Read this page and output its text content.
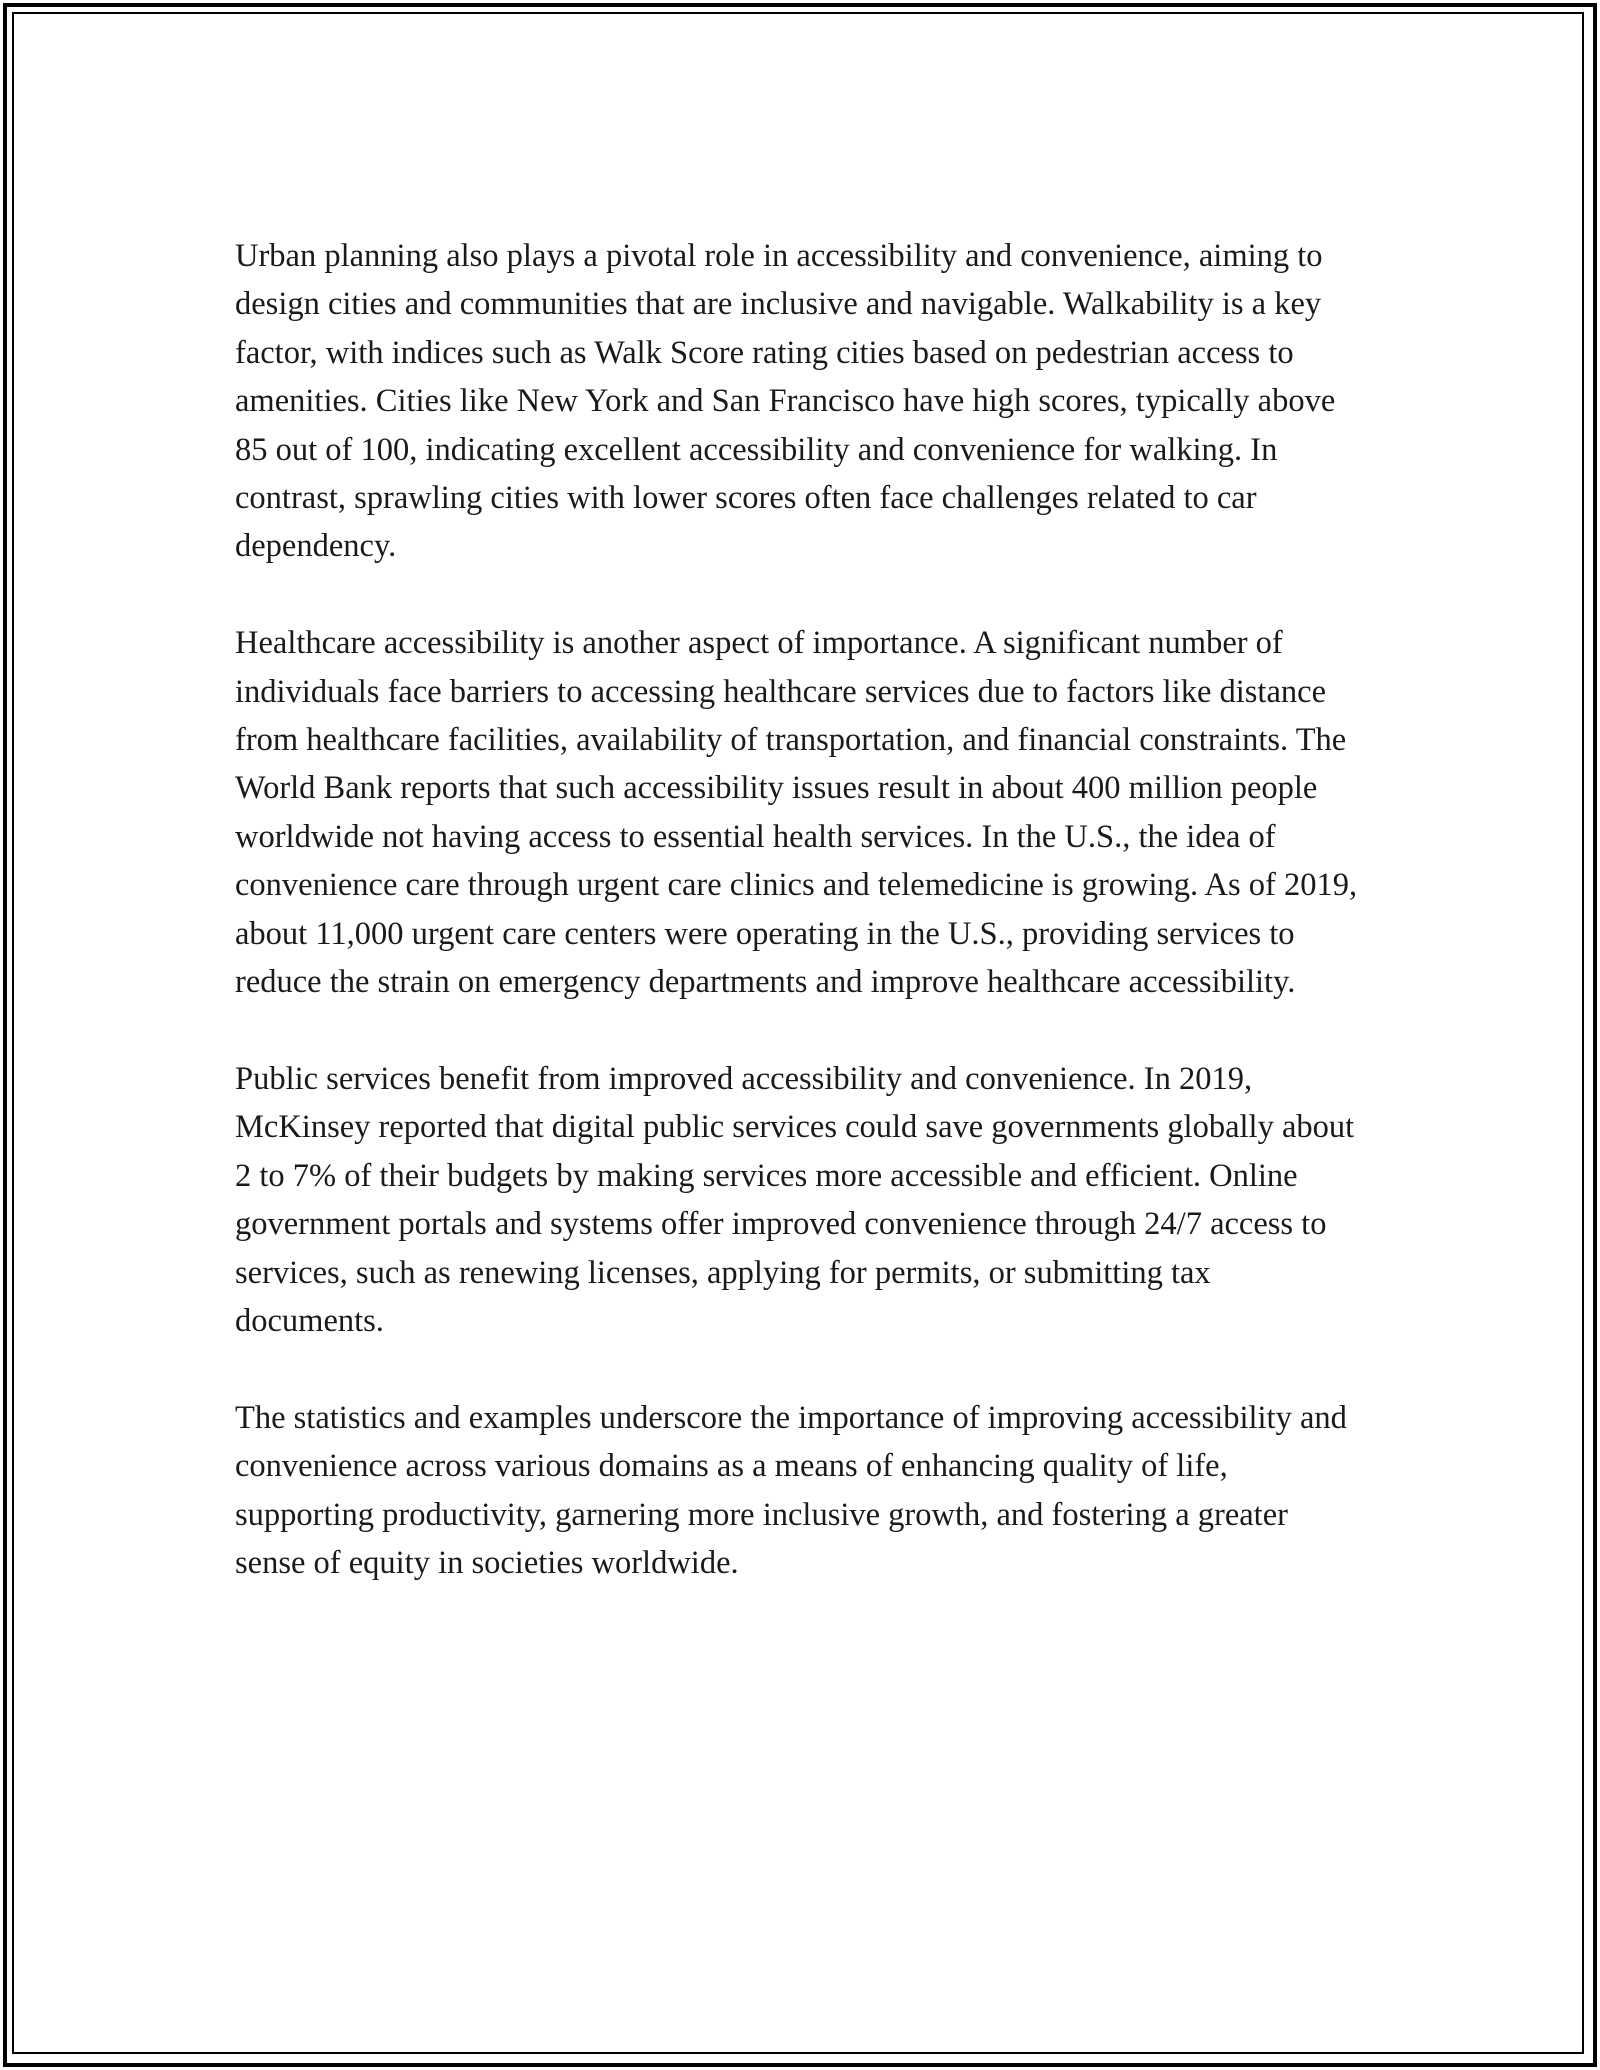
Urban planning also plays a pivotal role in accessibility and convenience, aiming to design cities and communities that are inclusive and navigable. Walkability is a key factor, with indices such as Walk Score rating cities based on pedestrian access to amenities. Cities like New York and San Francisco have high scores, typically above 85 out of 100, indicating excellent accessibility and convenience for walking. In contrast, sprawling cities with lower scores often face challenges related to car dependency.

Healthcare accessibility is another aspect of importance. A significant number of individuals face barriers to accessing healthcare services due to factors like distance from healthcare facilities, availability of transportation, and financial constraints. The World Bank reports that such accessibility issues result in about 400 million people worldwide not having access to essential health services. In the U.S., the idea of convenience care through urgent care clinics and telemedicine is growing. As of 2019, about 11,000 urgent care centers were operating in the U.S., providing services to reduce the strain on emergency departments and improve healthcare accessibility.

Public services benefit from improved accessibility and convenience. In 2019, McKinsey reported that digital public services could save governments globally about 2 to 7% of their budgets by making services more accessible and efficient. Online government portals and systems offer improved convenience through 24/7 access to services, such as renewing licenses, applying for permits, or submitting tax documents.

The statistics and examples underscore the importance of improving accessibility and convenience across various domains as a means of enhancing quality of life, supporting productivity, garnering more inclusive growth, and fostering a greater sense of equity in societies worldwide.
